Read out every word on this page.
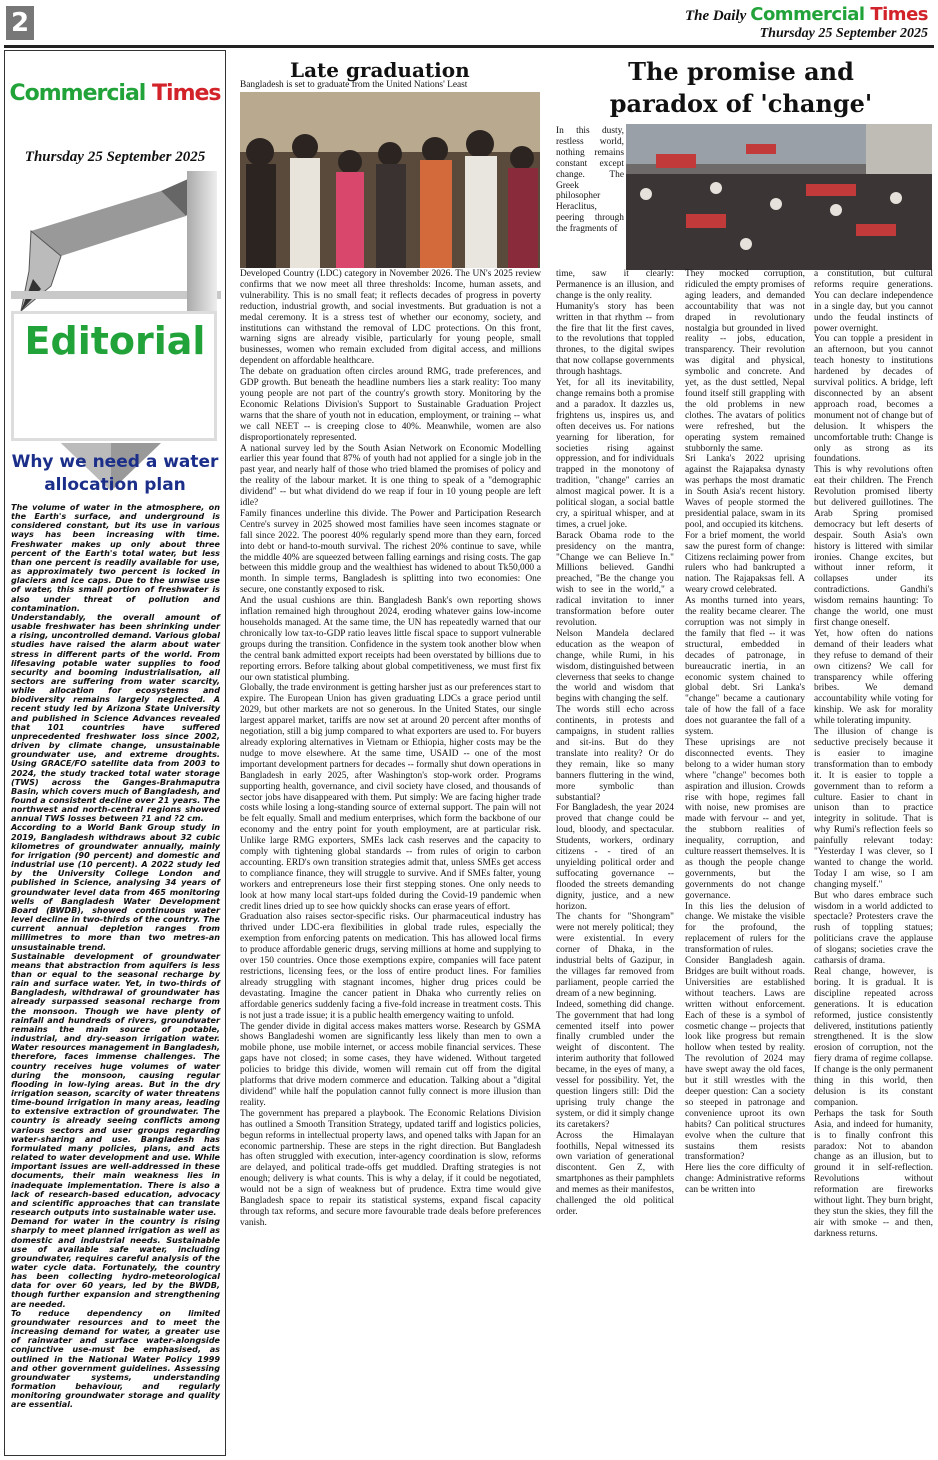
2	The Daily Commercial Times
Thursday 25 September 2025
Commercial Times
Thursday 25 September 2025
Editorial
Why we need a water
allocation plan

The volume of water in the atmosphere, on the Earth's surface, and underground is considered constant, but its use in various ways has been increasing with time. Freshwater makes up only about three percent of the Earth's total water, but less than one percent is readily available for use, as approximately two percent is locked in glaciers and ice caps. Due to the unwise use of water, this small portion of freshwater is also under threat of pollution and contamination.

Understandably, the overall amount of usable freshwater has been shrinking under a rising, uncontrolled demand. Various global studies have raised the alarm about water stress in different parts of the world. From lifesaving potable water supplies to food security and booming industrialisation, all sectors are suffering from water scarcity, while allocation for ecosystems and biodiversity remains largely neglected. A recent study led by Arizona State University and published in Science Advances revealed that 101 countries have suffered unprecedented freshwater loss since 2002, driven by climate change, unsustainable groundwater use, and extreme droughts. Using GRACE/FO satellite data from 2003 to 2024, the study tracked total water storage (TWS) across the Ganges-Brahmaputra Basin, which covers much of Bangladesh, and found a consistent decline over 21 years. The northwest and north-central regions showed annual TWS losses between ?1 and ?2 cm.

According to a World Bank Group study in 2019, Bangladesh withdraws about 32 cubic kilometres of groundwater annually, mainly for irrigation (90 percent) and domestic and industrial use (10 percent). A 2022 study led by the University College London and published in Science, analysing 34 years of groundwater level data from 465 monitoring wells of Bangladesh Water Development Board (BWDB), showed continuous water level decline in two-thirds of the country. The current annual depletion ranges from millimetres to more than two metres-an unsustainable trend.

Sustainable development of groundwater means that abstraction from aquifers is less than or equal to the seasonal recharge by rain and surface water. Yet, in two-thirds of Bangladesh, withdrawal of groundwater has already surpassed seasonal recharge from the monsoon. Though we have plenty of rainfall and hundreds of rivers, groundwater remains the main source of potable, industrial, and dry-season irrigation water. Water resources management in Bangladesh, therefore, faces immense challenges. The country receives huge volumes of water during the monsoon, causing regular flooding in low-lying areas. But in the dry irrigation season, scarcity of water threatens time-bound irrigation in many areas, leading to extensive extraction of groundwater. The country is already seeing conflicts among various sectors and user groups regarding water-sharing and use. Bangladesh has formulated many policies, plans, and acts related to water development and use. While important issues are well-addressed in these documents, their main weakness lies in inadequate implementation. There is also a lack of research-based education, advocacy and scientific approaches that can translate research outputs into sustainable water use.

Demand for water in the country is rising sharply to meet planned irrigation as well as domestic and industrial needs. Sustainable use of available safe water, including groundwater, requires careful analysis of the water cycle data. Fortunately, the country has been collecting hydro-meteorological data for over 60 years, led by the BWDB, though further expansion and strengthening are needed.

To reduce dependency on limited groundwater resources and to meet the increasing demand for water, a greater use of rainwater and surface water-alongside conjunctive use-must be emphasised, as outlined in the National Water Policy 1999 and other government guidelines. Assessing groundwater systems, understanding formation behaviour, and regularly monitoring groundwater storage and quality are essential.

Late graduation
Bangladesh is set to graduate from the United Nations' Least

Developed Country (LDC) category in November 2026. The UN's 2025 review confirms that we now meet all three thresholds: Income, human assets, and vulnerability. This is no small feat; it reflects decades of progress in poverty reduction, industrial growth, and social investments. But graduation is not a medal ceremony. It is a stress test of whether our economy, society, and institutions can withstand the removal of LDC protections. On this front, warning signs are already visible, particularly for young people, small businesses, women who remain excluded from digital access, and millions dependent on affordable healthcare.

The debate on graduation often circles around RMG, trade preferences, and GDP growth. But beneath the headline numbers lies a stark reality: Too many young people are not part of the country's growth story. Monitoring by the Economic Relations Division's Support to Sustainable Graduation Project warns that the share of youth not in education, employment, or training -- what we call NEET -- is creeping close to 40%. Meanwhile, women are also disproportionately represented.

A national survey led by the South Asian Network on Economic Modelling earlier this year found that 87% of youth had not applied for a single job in the past year, and nearly half of those who tried blamed the promises of policy and the reality of the labour market. It is one thing to speak of a "demographic dividend" -- but what dividend do we reap if four in 10 young people are left idle?

Family finances underline this divide. The Power and Participation Research Centre's survey in 2025 showed most families have seen incomes stagnate or fall since 2022. The poorest 40% regularly spend more than they earn, forced into debt or hand-to-mouth survival. The richest 20% continue to save, while the middle 40% are squeezed between falling earnings and rising costs. The gap between this middle group and the wealthiest has widened to about Tk50,000 a month. In simple terms, Bangladesh is splitting into two economies: One secure, one constantly exposed to risk.

And the usual cushions are thin. Bangladesh Bank's own reporting shows inflation remained high throughout 2024, eroding whatever gains low-income households managed. At the same time, the UN has repeatedly warned that our chronically low tax-to-GDP ratio leaves little fiscal space to support vulnerable groups during the transition. Confidence in the system took another blow when the central bank admitted export receipts had been overstated by billions due to reporting errors. Before talking about global competitiveness, we must first fix our own statistical plumbing.

Globally, the trade environment is getting harsher just as our preferences start to expire. The European Union has given graduating LDCs a grace period until 2029, but other markets are not so generous. In the United States, our single largest apparel market, tariffs are now set at around 20 percent after months of negotiation, still a big jump compared to what exporters are used to. For buyers already exploring alternatives in Vietnam or Ethiopia, higher costs may be the nudge to move elsewhere. At the same time, USAID -- one of the most important development partners for decades -- formally shut down operations in Bangladesh in early 2025, after Washington's stop-work order. Programs supporting health, governance, and civil society have closed, and thousands of sector jobs have disappeared with them. Put simply: We are facing higher trade costs while losing a long-standing source of external support. The pain will not be felt equally. Small and medium enterprises, which form the backbone of our economy and the entry point for youth employment, are at particular risk. Unlike large RMG exporters, SMEs lack cash reserves and the capacity to comply with tightening global standards -- from rules of origin to carbon accounting. ERD's own transition strategies admit that, unless SMEs get access to compliance finance, they will struggle to survive. And if SMEs falter, young workers and entrepreneurs lose their first stepping stones. One only needs to look at how many local start-ups folded during the Covid-19 pandemic when credit lines dried up to see how quickly shocks can erase years of effort.

Graduation also raises sector-specific risks. Our pharmaceutical industry has thrived under LDC-era flexibilities in global trade rules, especially the exemption from enforcing patents on medication. This has allowed local firms to produce affordable generic drugs, serving millions at home and supplying to over 150 countries. Once those exemptions expire, companies will face patent restrictions, licensing fees, or the loss of entire product lines. For families already struggling with stagnant incomes, higher drug prices could be devastating. Imagine the cancer patient in Dhaka who currently relies on affordable generics suddenly facing a five-fold increase in treatment costs. This is not just a trade issue; it is a public health emergency waiting to unfold.

The gender divide in digital access makes matters worse. Research by GSMA shows Bangladeshi women are significantly less likely than men to own a mobile phone, use mobile internet, or access mobile financial services. These gaps have not closed; in some cases, they have widened. Without targeted policies to bridge this divide, women will remain cut off from the digital platforms that drive modern commerce and education. Talking about a "digital dividend" while half the population cannot fully connect is more illusion than reality.

The government has prepared a playbook. The Economic Relations Division has outlined a Smooth Transition Strategy, updated tariff and logistics policies, begun reforms in intellectual property laws, and opened talks with Japan for an economic partnership. These are steps in the right direction. But Bangladesh has often struggled with execution, inter-agency coordination is slow, reforms are delayed, and political trade-offs get muddled. Drafting strategies is not enough; delivery is what counts. This is why a delay, if it could be negotiated, would not be a sign of weakness but of prudence. Extra time would give Bangladesh space to repair its statistical systems, expand fiscal capacity through tax reforms, and secure more favourable trade deals before preferences vanish.

The promise and
paradox of 'change'

In this dusty, restless world, nothing remains constant except change. The Greek philosopher Heraclitus, peering through the fragments of

time, saw it clearly: Permanence is an illusion, and change is the only reality.

Humanity's story has been written in that rhythm -- from the fire that lit the first caves, to the revolutions that toppled thrones, to the digital swipes that now collapse governments through hashtags.

Yet, for all its inevitability, change remains both a promise and a paradox. It dazzles us, frightens us, inspires us, and often deceives us. For nations yearning for liberation, for societies rising against oppression, and for individuals trapped in the monotony of tradition, "change" carries an almost magical power. It is a political slogan, a social battle cry, a spiritual whisper, and at times, a cruel joke.

Barack Obama rode to the presidency on the mantra, "Change we can Believe In." Millions believed. Gandhi preached, "Be the change you wish to see in the world," a radical invitation to inner transformation before outer revolution.

Nelson Mandela declared education as the weapon of change, while Rumi, in his wisdom, distinguished between cleverness that seeks to change the world and wisdom that begins with changing the self.

The words still echo across continents, in protests and campaigns, in student rallies and sit-ins. But do they translate into reality? Or do they remain, like so many banners fluttering in the wind, more symbolic than substantial?

For Bangladesh, the year 2024 proved that change could be loud, bloody, and spectacular. Students, workers, ordinary citizens - - tired of an unyielding political order and suffocating governance -- flooded the streets demanding dignity, justice, and a new horizon.

The chants for "Shongram" were not merely political; they were existential. In every corner of Dhaka, in the industrial belts of Gazipur, in the villages far removed from parliament, people carried the dream of a new beginning.

Indeed, something did change. The government that had long cemented itself into power finally crumbled under the weight of discontent. The interim authority that followed became, in the eyes of many, a vessel for possibility. Yet, the question lingers still: Did the uprising truly change the system, or did it simply change its caretakers?

Across the Himalayan foothills, Nepal witnessed its own variation of generational discontent. Gen Z, with smartphones as their pamphlets and memes as their manifestos, challenged the old political order.

They mocked corruption, ridiculed the empty promises of aging leaders, and demanded accountability that was not draped in revolutionary nostalgia but grounded in lived reality -- jobs, education, transparency. Their revolution was digital and physical, symbolic and concrete. And yet, as the dust settled, Nepal found itself still grappling with the old problems in new clothes. The avatars of politics were refreshed, but the operating system remained stubbornly the same.

Sri Lanka's 2022 uprising against the Rajapaksa dynasty was perhaps the most dramatic in South Asia's recent history. Waves of people stormed the presidential palace, swam in its pool, and occupied its kitchens.

For a brief moment, the world saw the purest form of change: Citizens reclaiming power from rulers who had bankrupted a nation. The Rajapaksas fell. A weary crowd celebrated.

As months turned into years, the reality became clearer. The corruption was not simply in the family that fled -- it was structural, embedded in decades of patronage, in bureaucratic inertia, in an economic system chained to global debt. Sri Lanka's "change" became a cautionary tale of how the fall of a face does not guarantee the fall of a system.

These uprisings are not disconnected events. They belong to a wider human story where "change" becomes both aspiration and illusion. Crowds rise with hope, regimes fall with noise, new promises are made with fervour -- and yet, the stubborn realities of inequality, corruption, and culture reassert themselves. It is as though the people change governments, but the governments do not change governance.

In this lies the delusion of change. We mistake the visible for the profound, the replacement of rulers for the transformation of rules.

Consider Bangladesh again. Bridges are built without roads. Universities are established without teachers. Laws are written without enforcement. Each of these is a symbol of cosmetic change -- projects that look like progress but remain hollow when tested by reality. The revolution of 2024 may have swept away the old faces, but it still wrestles with the deeper question: Can a society so steeped in patronage and convenience uproot its own habits? Can political structures evolve when the culture that sustains them resists transformation?

Here lies the core difficulty of change: Administrative reforms can be written into

a constitution, but cultural reforms require generations. You can declare independence in a single day, but you cannot undo the feudal instincts of power overnight.

You can topple a president in an afternoon, but you cannot teach honesty to institutions hardened by decades of survival politics. A bridge, left disconnected by an absent approach road, becomes a monument not of change but of delusion. It whispers the uncomfortable truth: Change is only as strong as its foundations.

This is why revolutions often eat their children. The French Revolution promised liberty but delivered guillotines. The Arab Spring promised democracy but left deserts of despair. South Asia's own history is littered with similar ironies. Change excites, but without inner reform, it collapses under its contradictions. Gandhi's wisdom remains haunting: To change the world, one must first change oneself.

Yet, how often do nations demand of their leaders what they refuse to demand of their own citizens? We call for transparency while offering bribes. We demand accountability while voting for kinship. We ask for morality while tolerating impunity.

The illusion of change is seductive precisely because it is easier to imagine transformation than to embody it. It is easier to topple a government than to reform a culture. Easier to chant in unison than to practice integrity in solitude. That is why Rumi's reflection feels so painfully relevant today: "Yesterday I was clever, so I wanted to change the world. Today I am wise, so I am changing myself."

But who dares embrace such wisdom in a world addicted to spectacle? Protesters crave the rush of toppling statues; politicians crave the applause of slogans; societies crave the catharsis of drama.

Real change, however, is boring. It is gradual. It is discipline repeated across generations. It is education reformed, justice consistently delivered, institutions patiently strengthened. It is the slow erosion of corruption, not the fiery drama of regime collapse. If change is the only permanent thing in this world, then delusion is its constant companion.

Perhaps the task for South Asia, and indeed for humanity, is to finally confront this paradox: Not to abandon change as an illusion, but to ground it in self-reflection. Revolutions without reformation are fireworks without light. They burn bright, they stun the skies, they fill the air with smoke -- and then, darkness returns.
